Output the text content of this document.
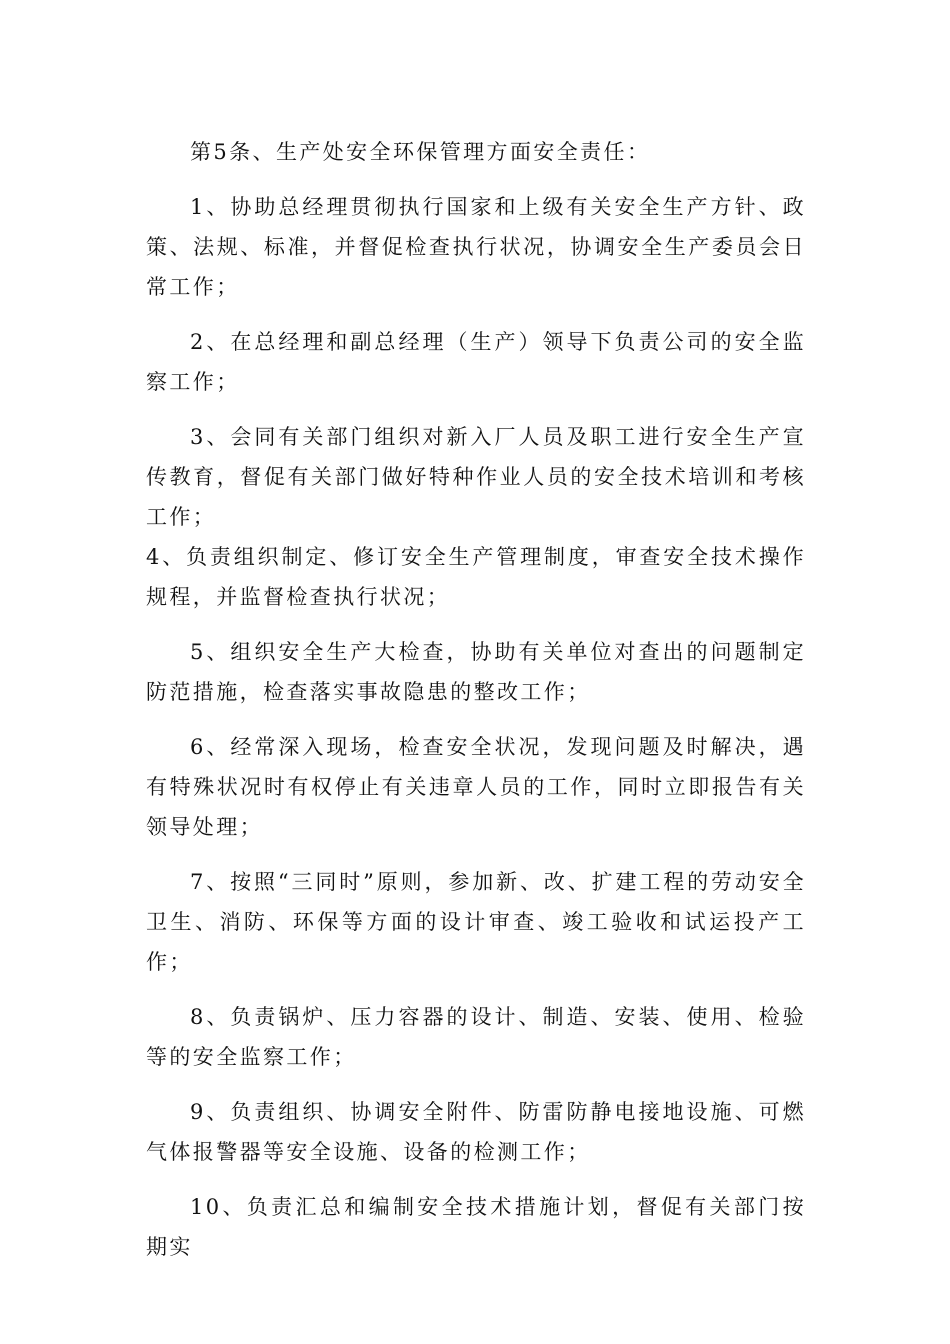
第5条、生产处安全环保管理方面安全责任：

1、协助总经理贯彻执行国家和上级有关安全生产方针、政策、法规、标准，并督促检查执行状况，协调安全生产委员会日常工作；

2、在总经理和副总经理（生产）领导下负责公司的安全监察工作；

3、会同有关部门组织对新入厂人员及职工进行安全生产宣传教育，督促有关部门做好特种作业人员的安全技术培训和考核工作；

4、负责组织制定、修订安全生产管理制度，审查安全技术操作规程，并监督检查执行状况；

5、组织安全生产大检查，协助有关单位对查出的问题制定防范措施，检查落实事故隐患的整改工作；

6、经常深入现场，检查安全状况，发现问题及时解决，遇有特殊状况时有权停止有关违章人员的工作，同时立即报告有关领导处理；

7、按照“三同时”原则，参加新、改、扩建工程的劳动安全卫生、消防、环保等方面的设计审查、竣工验收和试运投产工作；

8、负责锅炉、压力容器的设计、制造、安装、使用、检验等的安全监察工作；

9、负责组织、协调安全附件、防雷防静电接地设施、可燃气体报警器等安全设施、设备的检测工作；

10、负责汇总和编制安全技术措施计划，督促有关部门按期实
